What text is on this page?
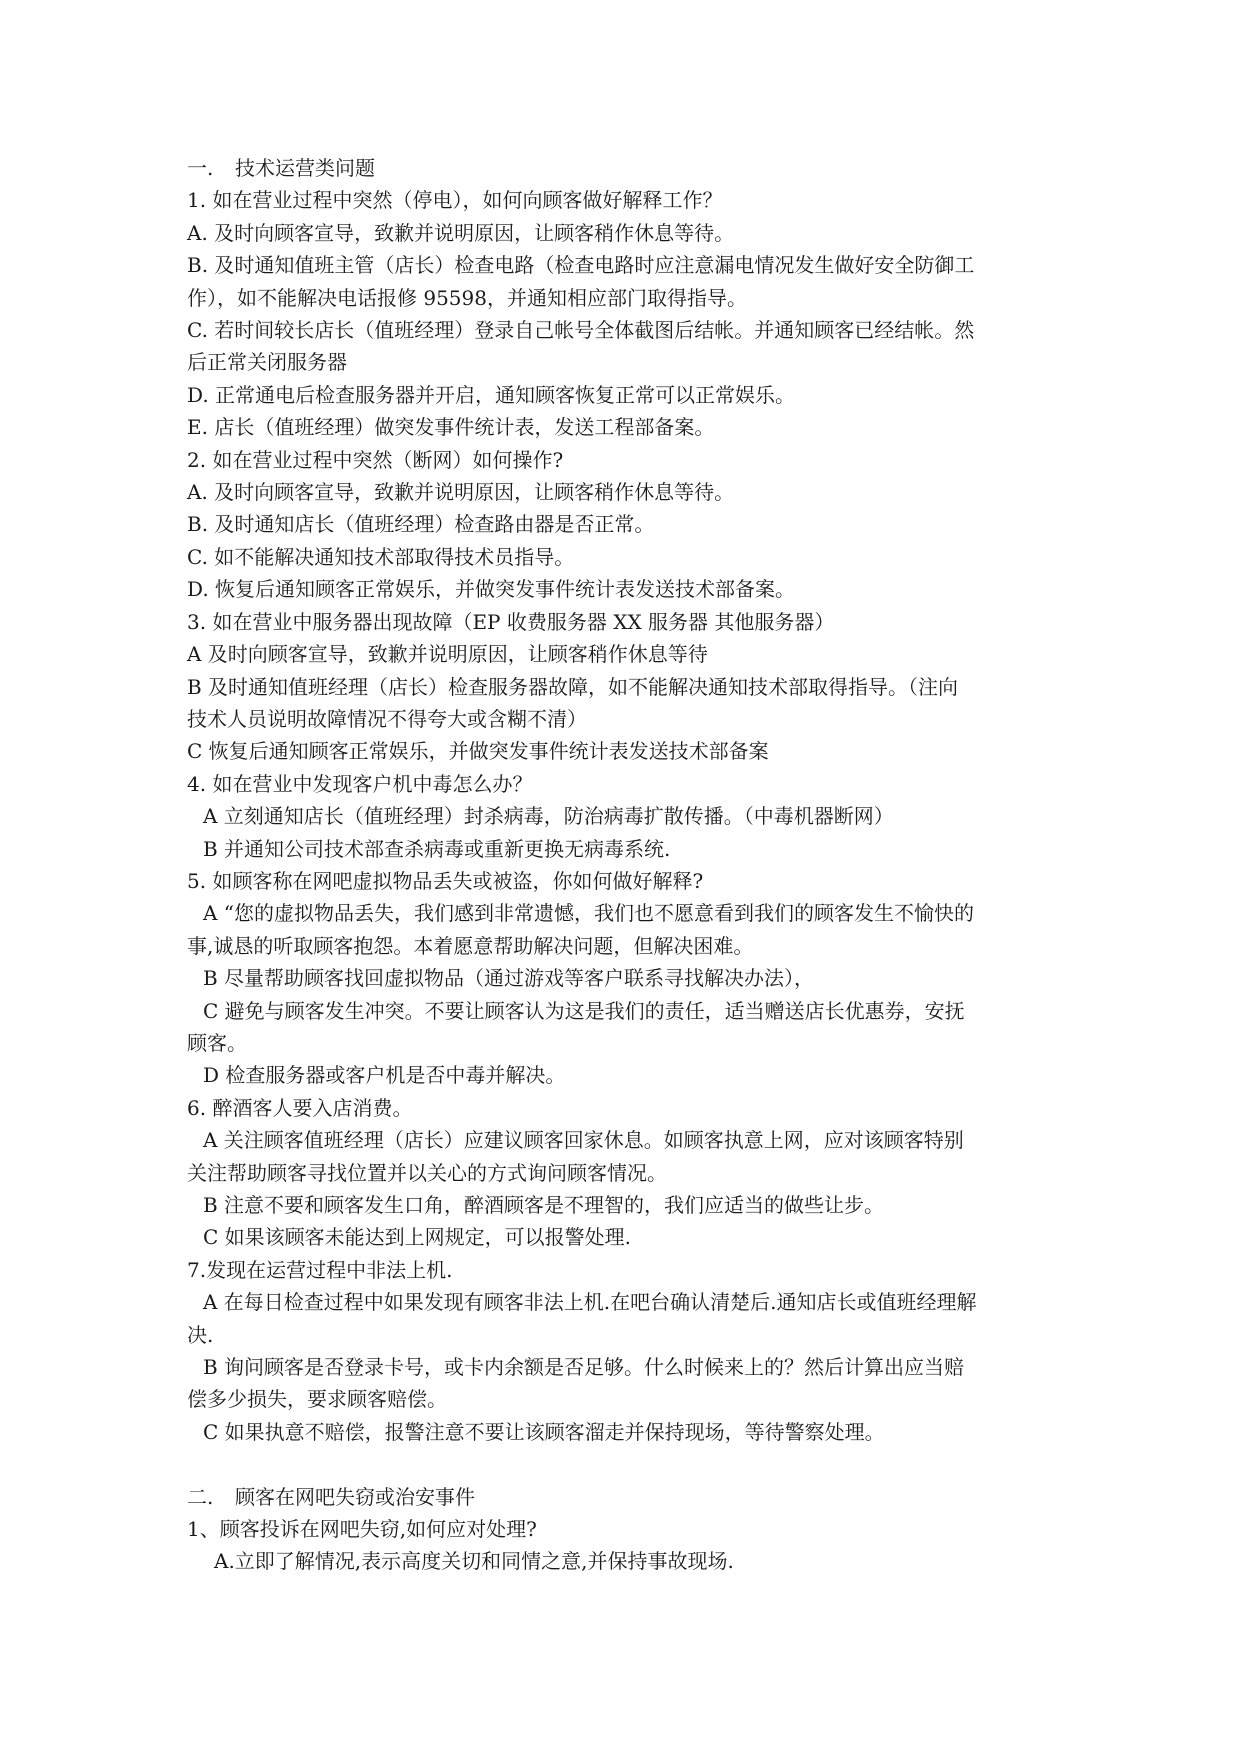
一. 技术运营类问题
1. 如在营业过程中突然（停电），如何向顾客做好解释工作？
A. 及时向顾客宣导，致歉并说明原因，让顾客稍作休息等待。
B. 及时通知值班主管（店长）检查电路（检查电路时应注意漏电情况发生做好安全防御工
作），如不能解决电话报修 95598，并通知相应部门取得指导。
C. 若时间较长店长（值班经理）登录自己帐号全体截图后结帐。并通知顾客已经结帐。然
后正常关闭服务器
D. 正常通电后检查服务器并开启，通知顾客恢复正常可以正常娱乐。
E. 店长（值班经理）做突发事件统计表，发送工程部备案。
2. 如在营业过程中突然（断网）如何操作?
A. 及时向顾客宣导，致歉并说明原因，让顾客稍作休息等待。
B. 及时通知店长（值班经理）检查路由器是否正常。
C. 如不能解决通知技术部取得技术员指导。
D. 恢复后通知顾客正常娱乐，并做突发事件统计表发送技术部备案。
3. 如在营业中服务器出现故障（EP 收费服务器 XX 服务器 其他服务器）
A 及时向顾客宣导，致歉并说明原因，让顾客稍作休息等待
B 及时通知值班经理（店长）检查服务器故障，如不能解决通知技术部取得指导。（注向
技术人员说明故障情况不得夸大或含糊不清）
C 恢复后通知顾客正常娱乐，并做突发事件统计表发送技术部备案
4. 如在营业中发现客户机中毒怎么办？
A 立刻通知店长（值班经理）封杀病毒，防治病毒扩散传播。（中毒机器断网）
B 并通知公司技术部查杀病毒或重新更换无病毒系统.
5. 如顾客称在网吧虚拟物品丢失或被盗，你如何做好解释?
A “您的虚拟物品丢失，我们感到非常遗憾，我们也不愿意看到我们的顾客发生不愉快的
事,诚恳的听取顾客抱怨。本着愿意帮助解决问题，但解决困难。
B 尽量帮助顾客找回虚拟物品（通过游戏等客户联系寻找解决办法），
C 避免与顾客发生冲突。不要让顾客认为这是我们的责任，适当赠送店长优惠券，安抚
顾客。
D 检查服务器或客户机是否中毒并解决。
6. 醉酒客人要入店消费。
A 关注顾客值班经理（店长）应建议顾客回家休息。如顾客执意上网，应对该顾客特别
关注帮助顾客寻找位置并以关心的方式询问顾客情况。
B 注意不要和顾客发生口角，醉酒顾客是不理智的，我们应适当的做些让步。
C 如果该顾客未能达到上网规定，可以报警处理.
7.发现在运营过程中非法上机.
A 在每日检查过程中如果发现有顾客非法上机.在吧台确认清楚后.通知店长或值班经理解
决.
B 询问顾客是否登录卡号，或卡内余额是否足够。什么时候来上的？然后计算出应当赔
偿多少损失，要求顾客赔偿。
C 如果执意不赔偿，报警注意不要让该顾客溜走并保持现场，等待警察处理。
二. 顾客在网吧失窃或治安事件
1、顾客投诉在网吧失窃,如何应对处理?
A.立即了解情况,表示高度关切和同情之意,并保持事故现场.
